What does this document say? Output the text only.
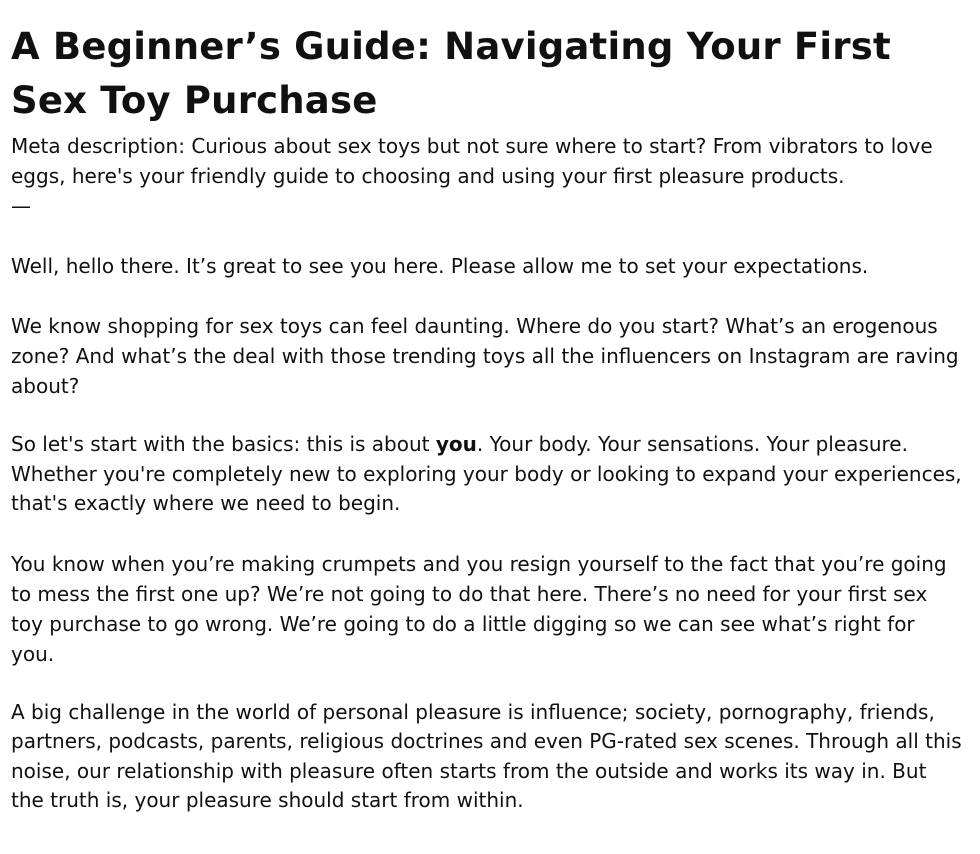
A Beginner’s Guide: Navigating Your First Sex Toy Purchase

Meta description: Curious about sex toys but not sure where to start? From vibrators to love eggs, here's your friendly guide to choosing and using your first pleasure products.
—

Well, hello there. It’s great to see you here. Please allow me to set your expectations.

We know shopping for sex toys can feel daunting. Where do you start? What’s an erogenous zone? And what’s the deal with those trending toys all the influencers on Instagram are raving about?

So let's start with the basics: this is about you. Your body. Your sensations. Your pleasure. Whether you're completely new to exploring your body or looking to expand your experiences, that's exactly where we need to begin.

You know when you’re making crumpets and you resign yourself to the fact that you’re going to mess the first one up? We’re not going to do that here. There’s no need for your first sex toy purchase to go wrong. We’re going to do a little digging so we can see what’s right for you.

A big challenge in the world of personal pleasure is influence; society, pornography, friends, partners, podcasts, parents, religious doctrines and even PG-rated sex scenes. Through all this noise, our relationship with pleasure often starts from the outside and works its way in. But the truth is, your pleasure should start from within.
